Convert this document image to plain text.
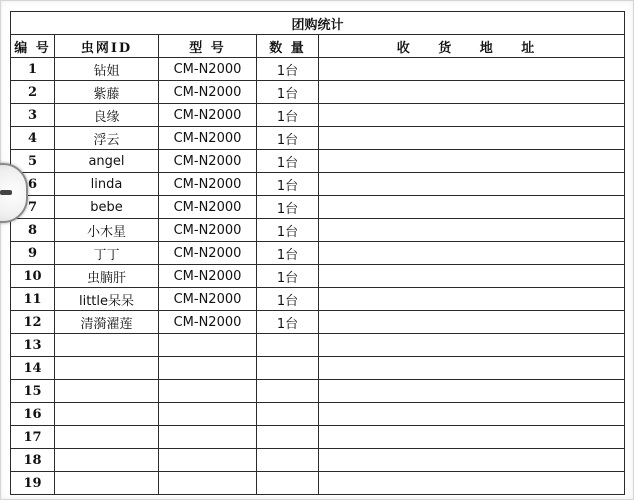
团购统计				
编 号	虫网ID	型 号	数 量	收 货 地 址
1	钻姐	CM-N2000	1台	
2	紫藤	CM-N2000	1台	
3	良缘	CM-N2000	1台	
4	浮云	CM-N2000	1台	
5	angel	CM-N2000	1台	
6	linda	CM-N2000	1台	
7	bebe	CM-N2000	1台	
8	小木星	CM-N2000	1台	
9	丁丁	CM-N2000	1台	
10	虫腩肝	CM-N2000	1台	
11	little呆呆	CM-N2000	1台	
12	清漪濯莲	CM-N2000	1台	
13				
14				
15				
16				
17				
18				
19				
